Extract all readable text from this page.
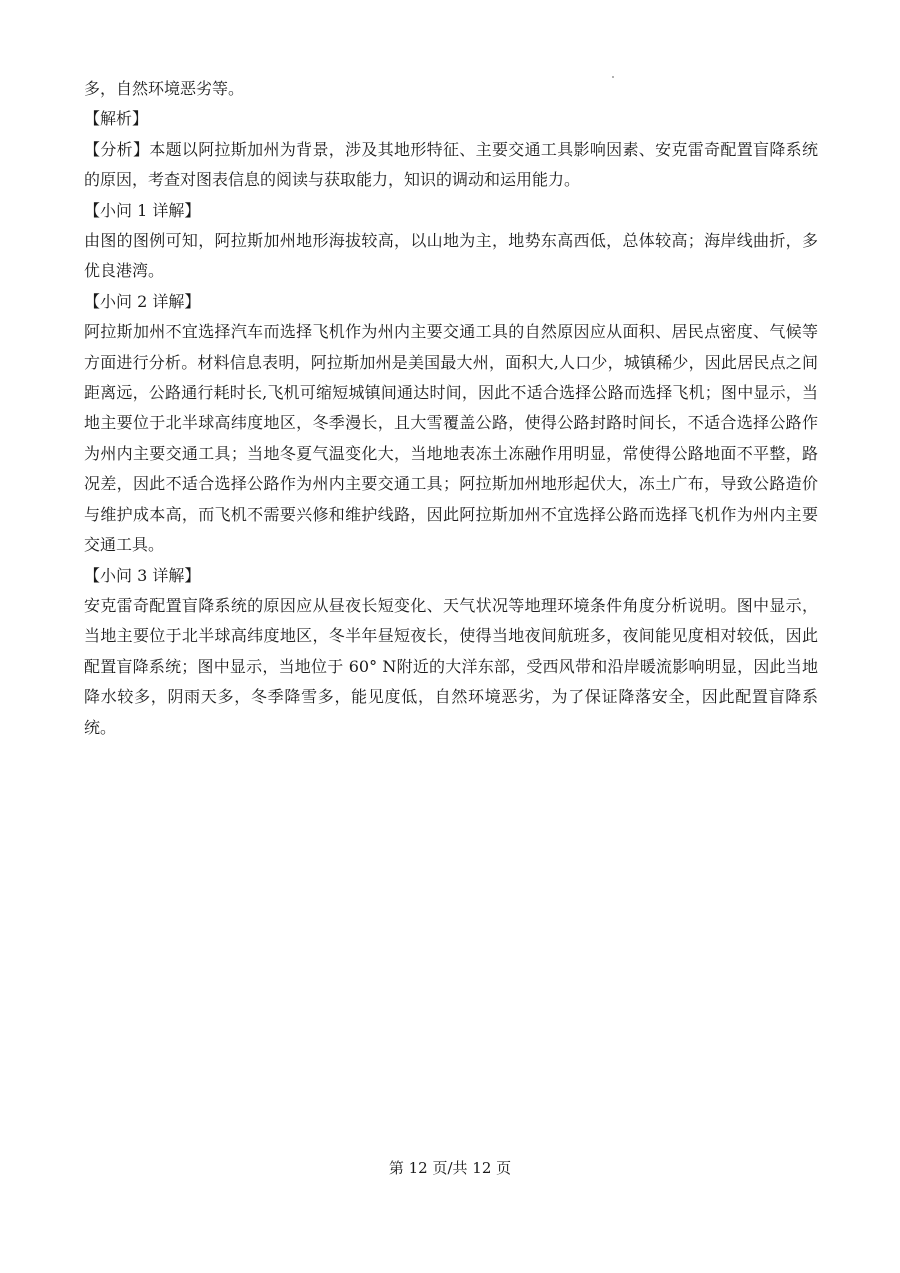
多，自然环境恶劣等。

【解析】

【分析】本题以阿拉斯加州为背景，涉及其地形特征、主要交通工具影响因素、安克雷奇配置盲降系统的原因，考查对图表信息的阅读与获取能力，知识的调动和运用能力。

【小问 1 详解】

由图的图例可知，阿拉斯加州地形海拔较高，以山地为主，地势东高西低，总体较高；海岸线曲折，多优良港湾。

【小问 2 详解】

阿拉斯加州不宜选择汽车而选择飞机作为州内主要交通工具的自然原因应从面积、居民点密度、气候等方面进行分析。材料信息表明，阿拉斯加州是美国最大州，面积大,人口少，城镇稀少，因此居民点之间距离远，公路通行耗时长,飞机可缩短城镇间通达时间，因此不适合选择公路而选择飞机；图中显示，当地主要位于北半球高纬度地区，冬季漫长，且大雪覆盖公路，使得公路封路时间长，不适合选择公路作为州内主要交通工具；当地冬夏气温变化大，当地地表冻土冻融作用明显，常使得公路地面不平整，路况差，因此不适合选择公路作为州内主要交通工具；阿拉斯加州地形起伏大，冻土广布，导致公路造价与维护成本高，而飞机不需要兴修和维护线路，因此阿拉斯加州不宜选择公路而选择飞机作为州内主要交通工具。

【小问 3 详解】

安克雷奇配置盲降系统的原因应从昼夜长短变化、天气状况等地理环境条件角度分析说明。图中显示，当地主要位于北半球高纬度地区，冬半年昼短夜长，使得当地夜间航班多，夜间能见度相对较低，因此配置盲降系统；图中显示，当地位于 60° N附近的大洋东部，受西风带和沿岸暖流影响明显，因此当地降水较多，阴雨天多，冬季降雪多，能见度低，自然环境恶劣，为了保证降落安全，因此配置盲降系统。

第 12 页/共 12 页
